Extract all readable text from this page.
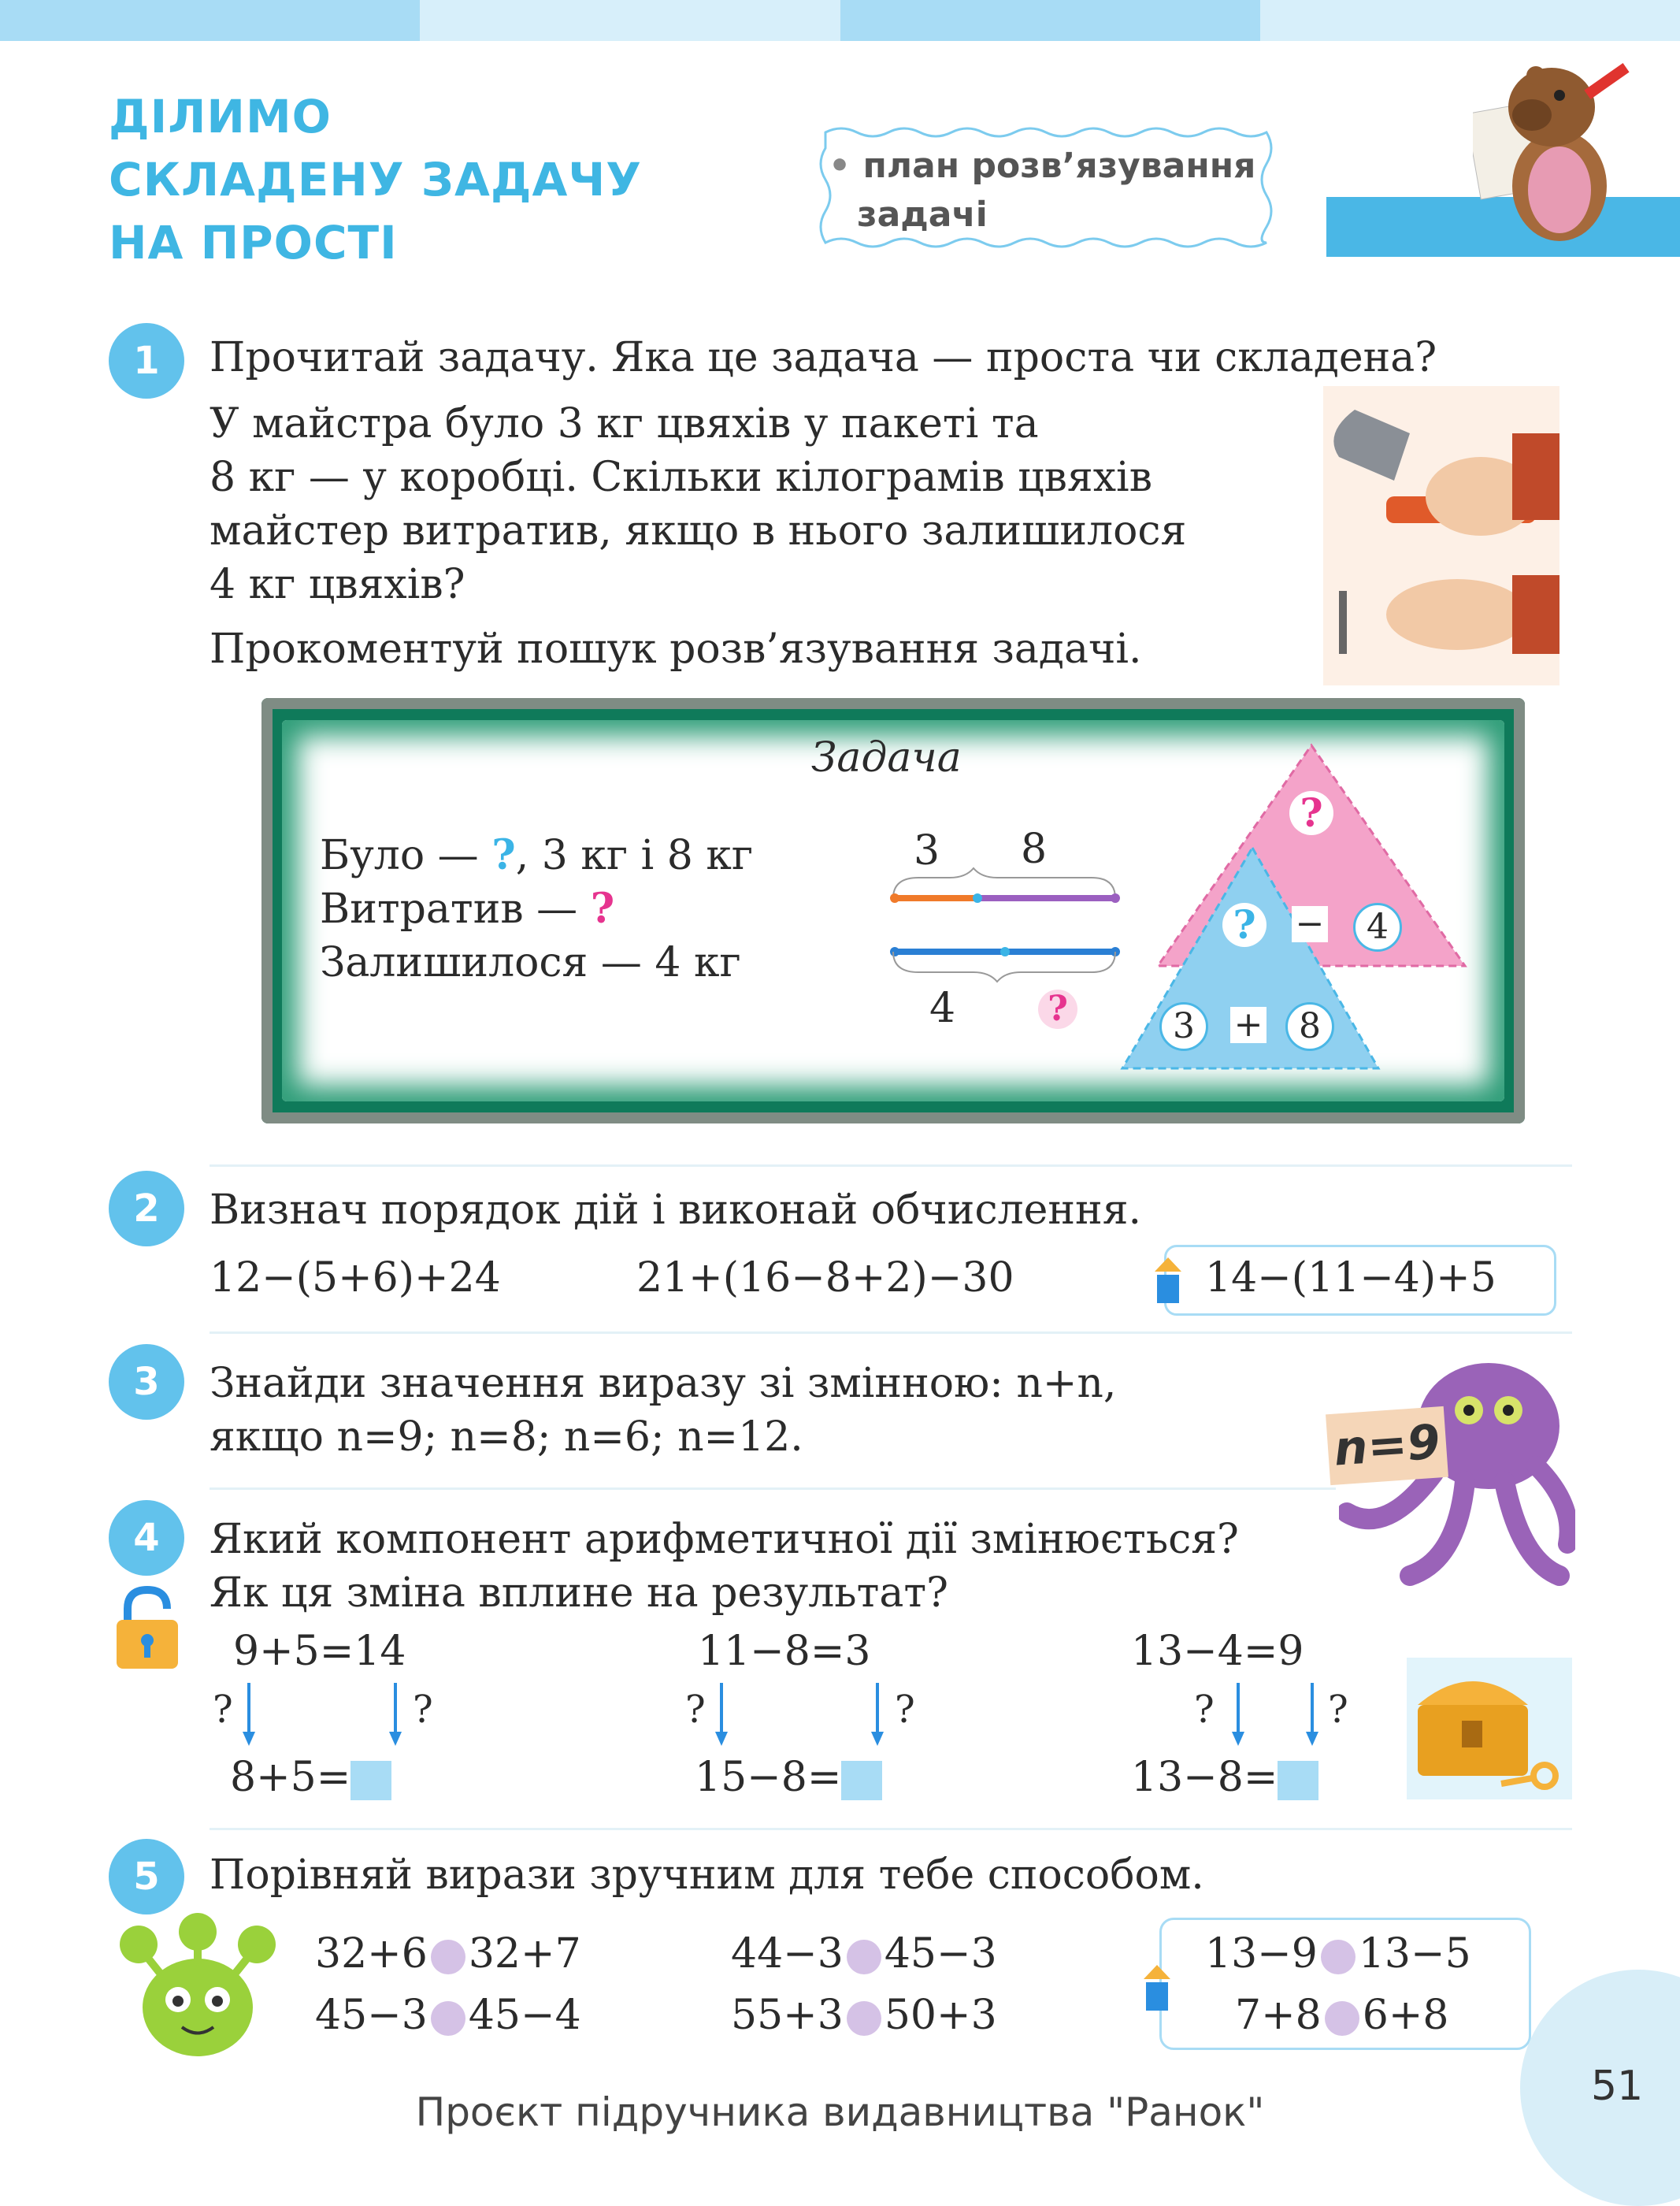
ДІЛИМО
СКЛАДЕНУ ЗАДАЧУ
НА ПРОСТІ
• план розв’язування
задачі
1	Прочитай задачу. Яка це задача — проста чи складена?
У майстра було 3 кг цвяхів у пакеті та
8 кг — у коробці. Скільки кілограмів цвяхів
майстер витратив, якщо в нього залишилося
4 кг цвяхів?
Прокоментуй пошук розв’язування задачі.
Задача
Було — ?, 3 кг і 8 кг
Витратив — ?
Залишилося — 4 кг
3 8
4	?
?
?	−	4
3	+	8
2	Визнач порядок дій і виконай обчислення.
12−(5+6)+24	21+(16−8+2)−30	14−(11−4)+5
3	Знайди значення виразу зі змінною: n+n,
якщо n=9; n=8; n=6; n=12.	n=9
4	Який компонент арифметичної дії змінюється?
Як ця зміна вплине на результат?
9+5=14
?	?
8+5=
11−8=3
?	?
15−8=
13−4=9
?	?
13−8=
5	Порівняй вирази зручним для тебе способом.
32+6 32+7
45−3 45−4
44−3 45−3
55+3 50+3
13−9 13−5
7+8 6+8
51
Проєкт підручника видавництва "Ранок"
